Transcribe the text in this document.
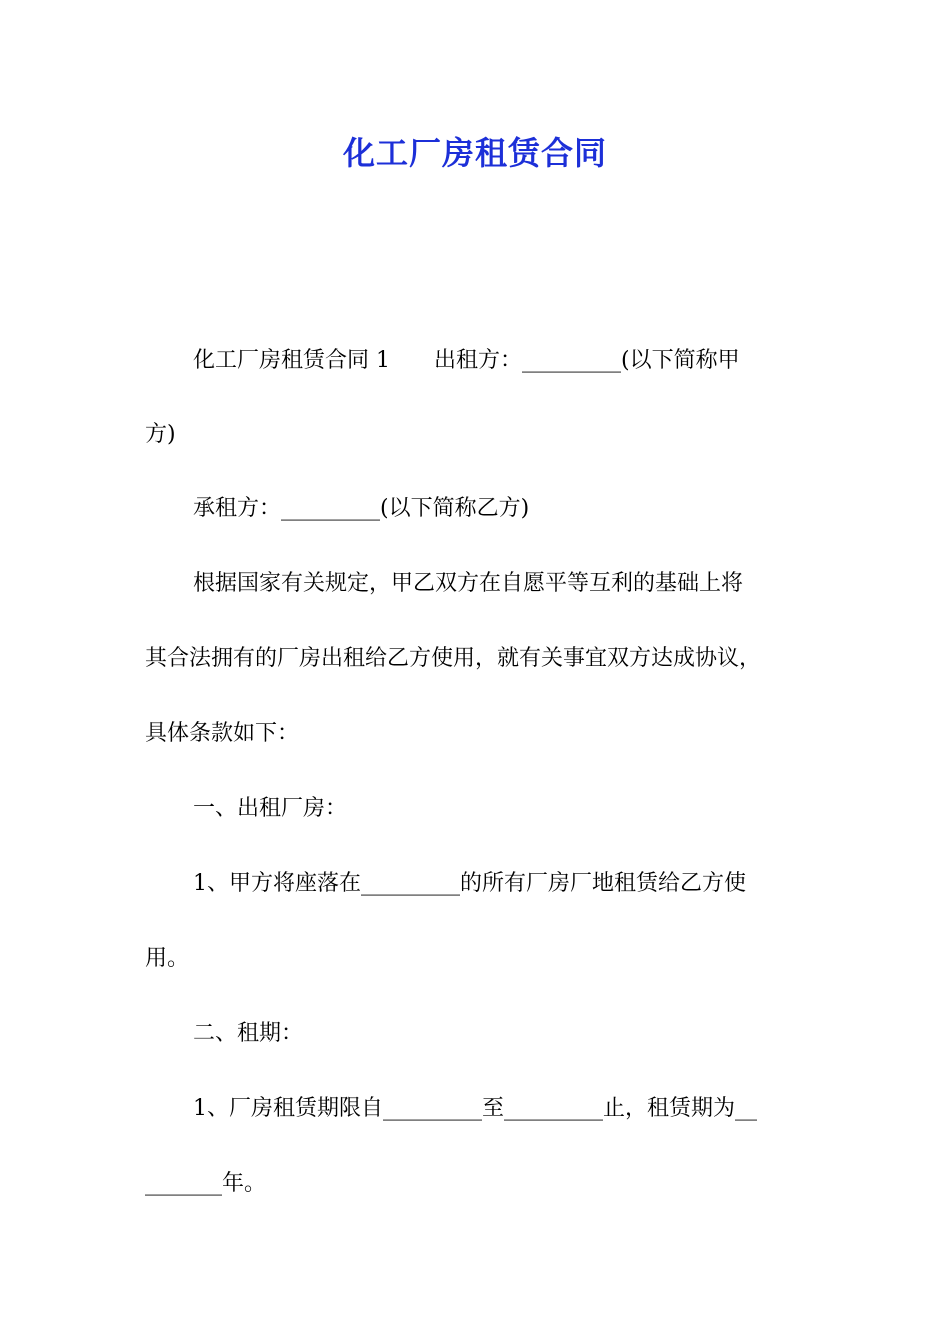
化工厂房租赁合同
化工厂房租赁合同 1　　出租方：_________(以下简称甲
方)
承租方：_________(以下简称乙方)
根据国家有关规定，甲乙双方在自愿平等互利的基础上将
其合法拥有的厂房出租给乙方使用，就有关事宜双方达成协议，
具体条款如下：
一、出租厂房：
1、甲方将座落在_________的所有厂房厂地租赁给乙方使
用。
二、租期：
1、厂房租赁期限自_________至_________止，租赁期为__
_______年。
